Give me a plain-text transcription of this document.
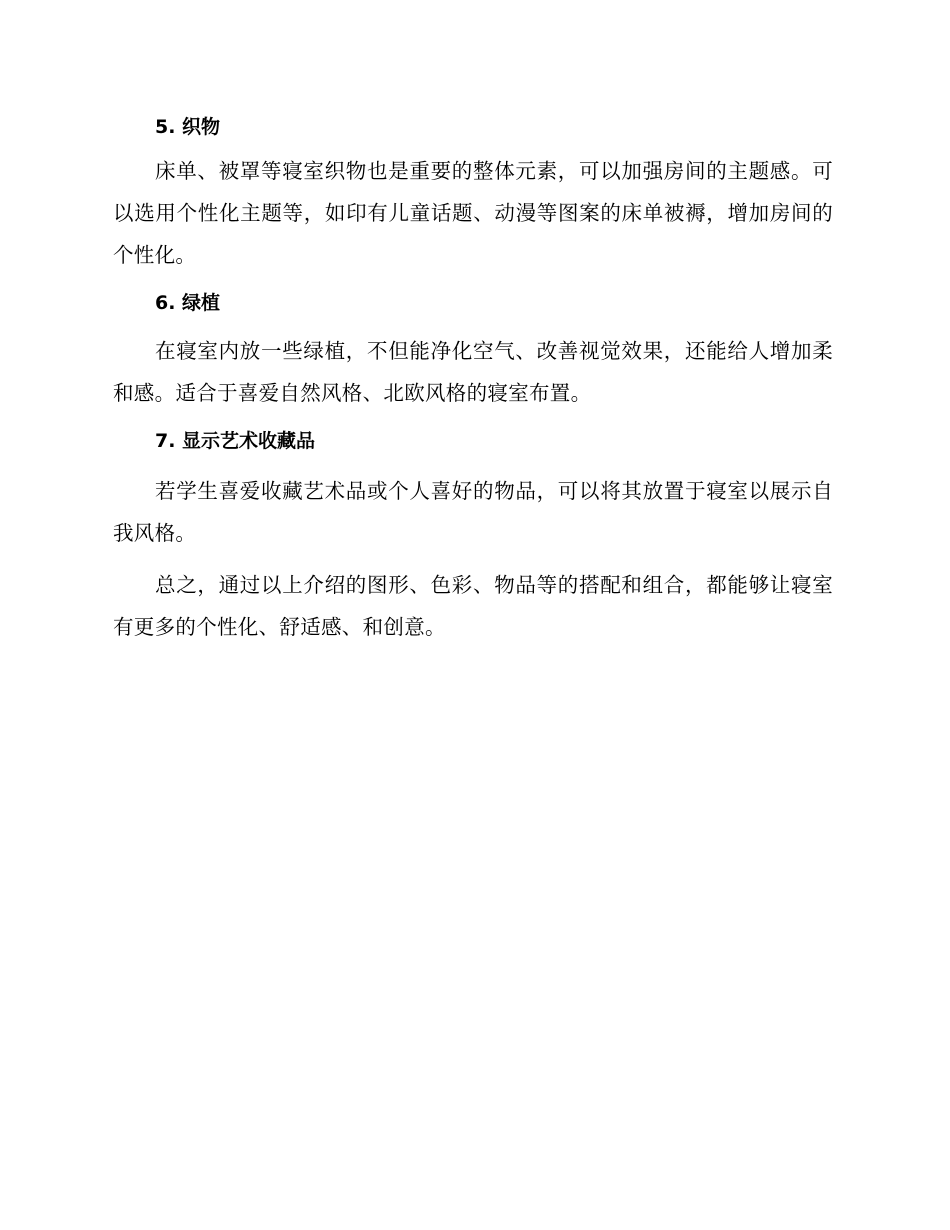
5. 织物

床单、被罩等寝室织物也是重要的整体元素，可以加强房间的主题感。可以选用个性化主题等，如印有儿童话题、动漫等图案的床单被褥，增加房间的个性化。

6. 绿植

在寝室内放一些绿植，不但能净化空气、改善视觉效果，还能给人增加柔和感。适合于喜爱自然风格、北欧风格的寝室布置。

7. 显示艺术收藏品

若学生喜爱收藏艺术品或个人喜好的物品，可以将其放置于寝室以展示自我风格。

总之，通过以上介绍的图形、色彩、物品等的搭配和组合，都能够让寝室有更多的个性化、舒适感、和创意。
